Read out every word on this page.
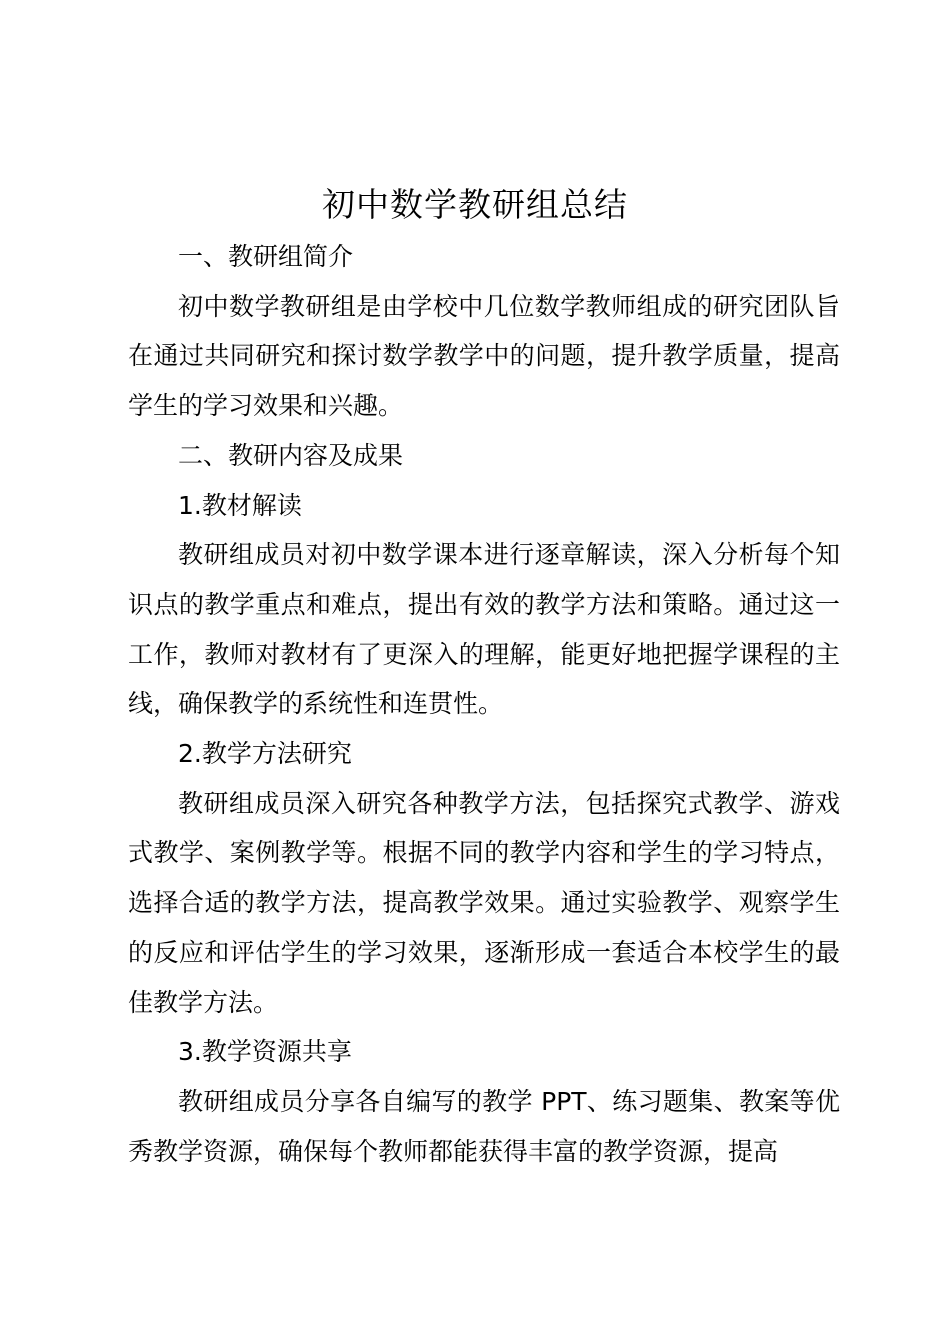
初中数学教研组总结

一、教研组简介

初中数学教研组是由学校中几位数学教师组成的研究团队旨在通过共同研究和探讨数学教学中的问题，提升教学质量，提高学生的学习效果和兴趣。

二、教研内容及成果

1.教材解读

教研组成员对初中数学课本进行逐章解读，深入分析每个知识点的教学重点和难点，提出有效的教学方法和策略。通过这一工作，教师对教材有了更深入的理解，能更好地把握学课程的主线，确保教学的系统性和连贯性。

2.教学方法研究

教研组成员深入研究各种教学方法，包括探究式教学、游戏式教学、案例教学等。根据不同的教学内容和学生的学习特点，选择合适的教学方法，提高教学效果。通过实验教学、观察学生的反应和评估学生的学习效果，逐渐形成一套适合本校学生的最佳教学方法。

3.教学资源共享

教研组成员分享各自编写的教学 PPT、练习题集、教案等优秀教学资源，确保每个教师都能获得丰富的教学资源，提高
